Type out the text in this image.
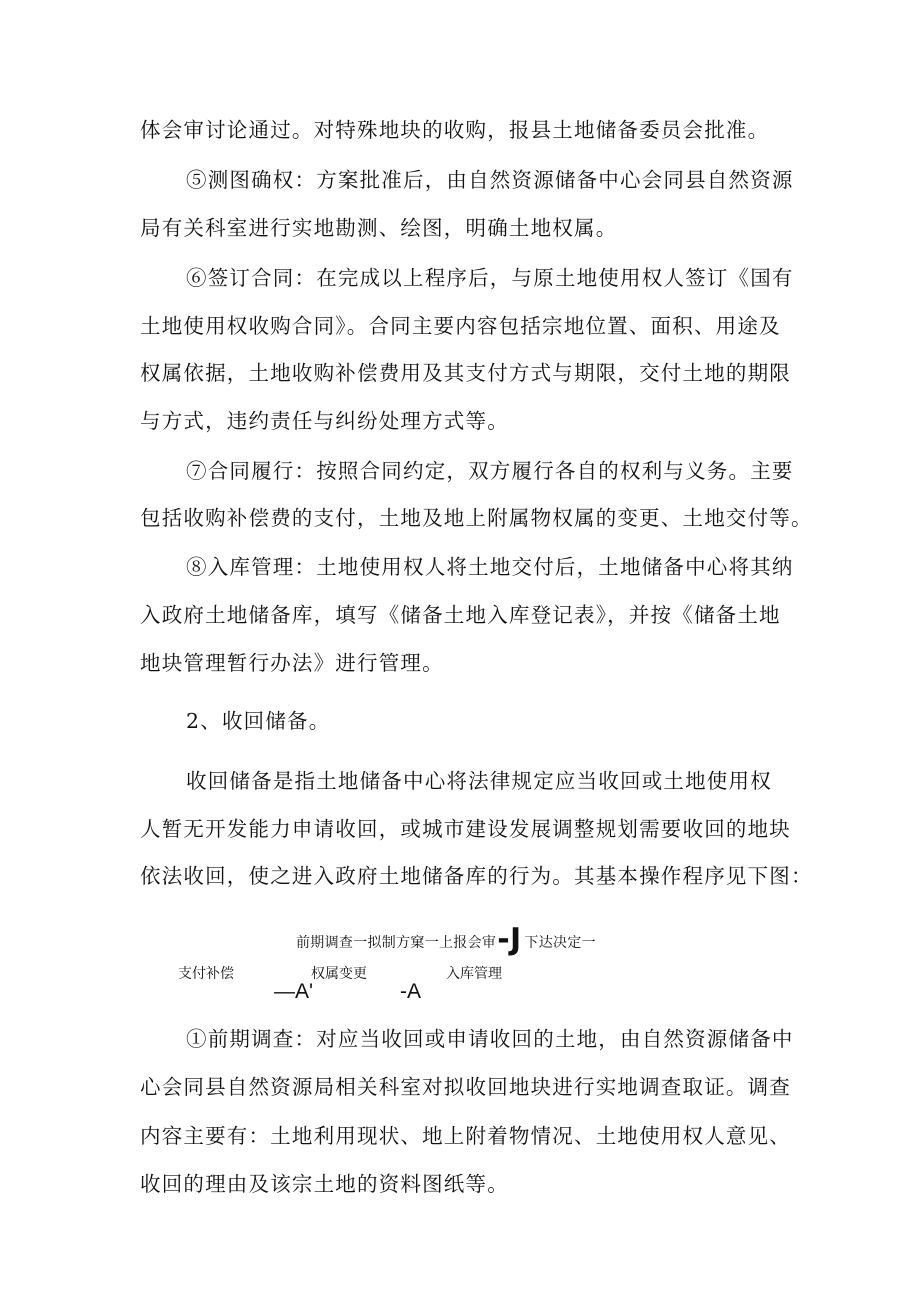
体会审讨论通过。对特殊地块的收购，报县土地储备委员会批准。
⑤测图确权：方案批准后，由自然资源储备中心会同县自然资源
局有关科室进行实地勘测、绘图，明确土地权属。
⑥签订合同：在完成以上程序后，与原土地使用权人签订《国有
土地使用权收购合同》。合同主要内容包括宗地位置、面积、用途及
权属依据，土地收购补偿费用及其支付方式与期限，交付土地的期限
与方式，违约责任与纠纷处理方式等。
⑦合同履行：按照合同约定，双方履行各自的权利与义务。主要
包括收购补偿费的支付，土地及地上附属物权属的变更、土地交付等。
⑧入库管理：土地使用权人将土地交付后，土地储备中心将其纳
入政府土地储备库，填写《储备土地入库登记表》，并按《储备土地
地块管理暂行办法》进行管理。
2、收回储备。
收回储备是指土地储备中心将法律规定应当收回或土地使用权
人暂无开发能力申请收回，或城市建设发展调整规划需要收回的地块
依法收回，使之进入政府土地储备库的行为。其基本操作程序见下图：
前期调查一拟制方窠一上报会审-J 下达决定一
支付补偿	权属变更	入库管理
—A'	-A
①前期调查：对应当收回或申请收回的土地，由自然资源储备中
心会同县自然资源局相关科室对拟收回地块进行实地调查取证。调查
内容主要有：土地利用现状、地上附着物情况、土地使用权人意见、
收回的理由及该宗土地的资料图纸等。
